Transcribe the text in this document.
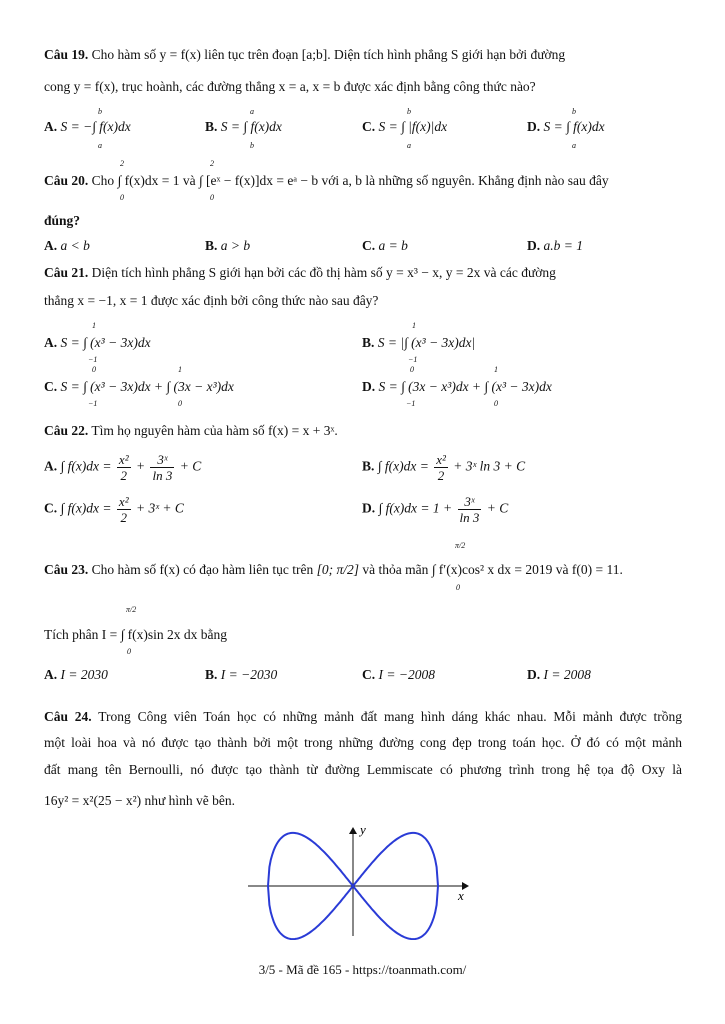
Câu 19. Cho hàm số y = f(x) liên tục trên đoạn [a;b]. Diện tích hình phẳng S giới hạn bởi đường
cong y = f(x), trục hoành, các đường thẳng x = a, x = b được xác định bằng công thức nào?
A. S = −∫ f(x)dx
b
a
B. S = ∫ f(x)dx
a
b
C. S = ∫ |f(x)|dx
b
a
D. S = ∫ f(x)dx
b
a
Câu 20. Cho ∫ f(x)dx = 1 và ∫ [eˣ − f(x)]dx = eᵃ − b với a, b là những số nguyên. Khẳng định nào sau đây
2
0
2
0
đúng?
A. a < b	B. a > b	C. a = b	D. a.b = 1
Câu 21. Diện tích hình phẳng S giới hạn bởi các đồ thị hàm số y = x³ − x, y = 2x và các đường
thẳng x = −1, x = 1 được xác định bởi công thức nào sau đây?
A. S = ∫ (x³ − 3x)dx
1
−1
B. S = |∫ (x³ − 3x)dx|
1
−1
C. S = ∫ (x³ − 3x)dx + ∫ (3x − x³)dx
0
−1
1
0
D. S = ∫ (3x − x³)dx + ∫ (x³ − 3x)dx
0
−1
1
0
Câu 22. Tìm họ nguyên hàm của hàm số f(x) = x + 3ˣ.
A. ∫ $f(x)dx = \frac{\text{x²}}{2} + \frac{\text{3ˣ}}{\ln 3} + C$	B. ∫ $f(x)dx = \frac{\text{x²}}{2}$ + 3ˣ ln 3 + C
C. ∫ $f(x)dx = \frac{\text{x²}}{2}$ + 3ˣ + C	D. ∫ $f(x)dx = 1 + \frac{\text{3ˣ}}{\ln 3} + C$
Câu 23. Cho hàm số f(x) có đạo hàm liên tục trên [0; π/2] và thỏa mãn ∫ f′(x)cos² x dx = 2019 và f(0) = 11.
π/2
0
Tích phân I = ∫ f(x)sin 2x dx bằng
π/2
0
A. I = 2030	B. I = −2030	C. I = −2008	D. I = 2008
Câu 24. Trong Công viên Toán học có những mảnh đất mang hình dáng khác nhau. Mỗi mảnh được trồng
một loài hoa và nó được tạo thành bởi một trong những đường cong đẹp trong toán học. Ở đó có một mảnh
đất mang tên Bernoulli, nó được tạo thành từ đường Lemmiscate có phương trình trong hệ tọa độ Oxy là
16y² = x²(25 − x²) như hình vẽ bên.
x
y
3/5 - Mã đề 165 - https://toanmath.com/
